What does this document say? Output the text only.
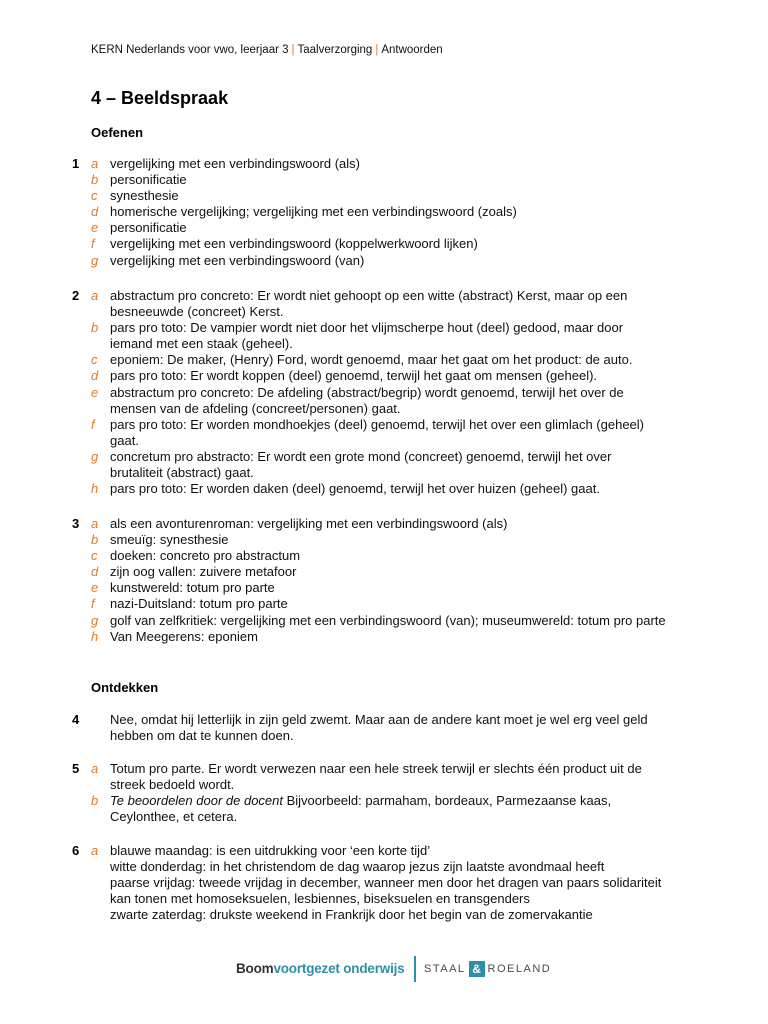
KERN Nederlands voor vwo, leerjaar 3 | Taalverzorging | Antwoorden
4 – Beeldspraak
Oefenen
1 a vergelijking met een verbindingswoord (als)
b personificatie
c synesthesie
d homerische vergelijking; vergelijking met een verbindingswoord (zoals)
e personificatie
f vergelijking met een verbindingswoord (koppelwerkwoord lijken)
g vergelijking met een verbindingswoord (van)
2 a abstractum pro concreto: Er wordt niet gehoopt op een witte (abstract) Kerst, maar op een
besneeuwde (concreet) Kerst.
b pars pro toto: De vampier wordt niet door het vlijmscherpe hout (deel) gedood, maar door
iemand met een staak (geheel).
c eponiem: De maker, (Henry) Ford, wordt genoemd, maar het gaat om het product: de auto.
d pars pro toto: Er wordt koppen (deel) genoemd, terwijl het gaat om mensen (geheel).
e abstractum pro concreto: De afdeling (abstract/begrip) wordt genoemd, terwijl het over de
mensen van de afdeling (concreet/personen) gaat.
f pars pro toto: Er worden mondhoekjes (deel) genoemd, terwijl het over een glimlach (geheel)
gaat.
g concretum pro abstracto: Er wordt een grote mond (concreet) genoemd, terwijl het over
brutaliteit (abstract) gaat.
h pars pro toto: Er worden daken (deel) genoemd, terwijl het over huizen (geheel) gaat.
3 a als een avonturenroman: vergelijking met een verbindingswoord (als)
b smeuïg: synesthesie
c doeken: concreto pro abstractum
d zijn oog vallen: zuivere metafoor
e kunstwereld: totum pro parte
f nazi-Duitsland: totum pro parte
g golf van zelfkritiek: vergelijking met een verbindingswoord (van); museumwereld: totum pro parte
h Van Meegerens: eponiem
Ontdekken
4 Nee, omdat hij letterlijk in zijn geld zwemt. Maar aan de andere kant moet je wel erg veel geld
hebben om dat te kunnen doen.
5 a Totum pro parte. Er wordt verwezen naar een hele streek terwijl er slechts één product uit de
streek bedoeld wordt.
b Te beoordelen door de docent Bijvoorbeeld: parmaham, bordeaux, Parmezaanse kaas,
Ceylonthee, et cetera.
6 a blauwe maandag: is een uitdrukking voor ‘een korte tijd’
witte donderdag: in het christendom de dag waarop jezus zijn laatste avondmaal heeft
paarse vrijdag: tweede vrijdag in december, wanneer men door het dragen van paars solidariteit
kan tonen met homoseksuelen, lesbiennes, biseksuelen en transgenders
zwarte zaterdag: drukste weekend in Frankrijk door het begin van de zomervakantie
Boomvoortgezet onderwijs STAAL & ROELAND
